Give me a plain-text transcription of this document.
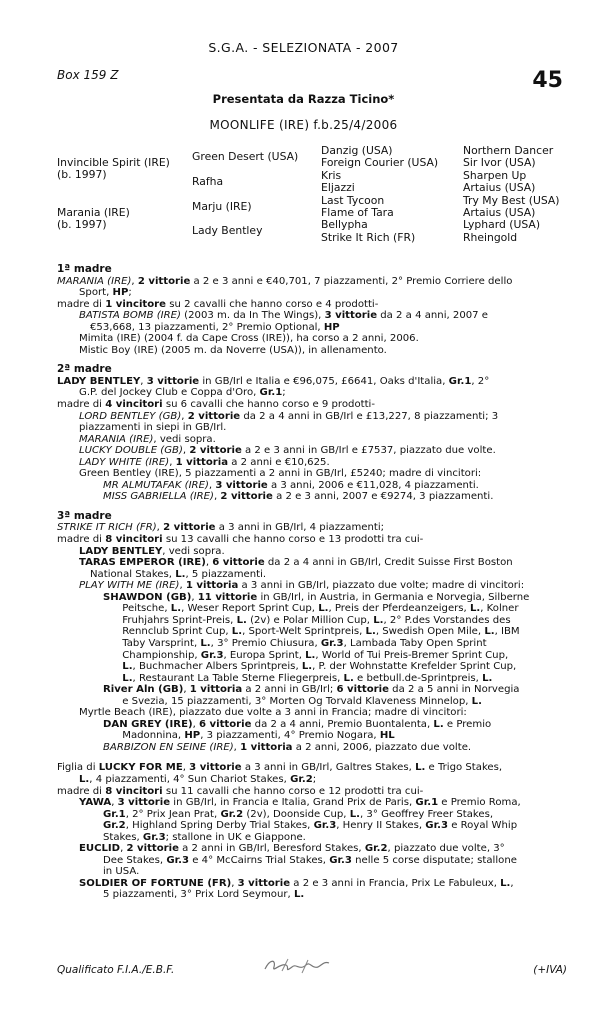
S.G.A. - SELEZIONATA - 2007
Box 159 Z	45
Presentata da Razza Ticino*
MOONLIFE (IRE) f.b.25/4/2006
Invincible Spirit (IRE)
(b. 1997)
Marania (IRE)
(b. 1997)
Green Desert (USA)
Rafha
Marju (IRE)
Lady Bentley
Danzig (USA)
Foreign Courier (USA)
Kris
Eljazzi
Last Tycoon
Flame of Tara
Bellypha
Strike It Rich (FR)
Northern Dancer
Sir Ivor (USA)
Sharpen Up
Artaius (USA)
Try My Best (USA)
Artaius (USA)
Lyphard (USA)
Rheingold
1ª madre
MARANIA (IRE), 2 vittorie a 2 e 3 anni e €40,701, 7 piazzamenti, 2° Premio Corriere dello
Sport, HP;
madre di 1 vincitore su 2 cavalli che hanno corso e 4 prodotti-
BATISTA BOMB (IRE) (2003 m. da In The Wings), 3 vittorie da 2 a 4 anni, 2007 e
€53,668, 13 piazzamenti, 2° Premio Optional, HP
Mimita (IRE) (2004 f. da Cape Cross (IRE)), ha corso a 2 anni, 2006.
Mistic Boy (IRE) (2005 m. da Noverre (USA)), in allenamento.
2ª madre
LADY BENTLEY, 3 vittorie in GB/Irl e Italia e €96,075, £6641, Oaks d'Italia, Gr.1, 2°
G.P. del Jockey Club e Coppa d'Oro, Gr.1;
madre di 4 vincitori su 6 cavalli che hanno corso e 9 prodotti-
LORD BENTLEY (GB), 2 vittorie da 2 a 4 anni in GB/Irl e £13,227, 8 piazzamenti; 3
piazzamenti in siepi in GB/Irl.
MARANIA (IRE), vedi sopra.
LUCKY DOUBLE (GB), 2 vittorie a 2 e 3 anni in GB/Irl e £7537, piazzato due volte.
LADY WHITE (IRE), 1 vittoria a 2 anni e €10,625.
Green Bentley (IRE), 5 piazzamenti a 2 anni in GB/Irl, £5240; madre di vincitori:
MR ALMUTAFAK (IRE), 3 vittorie a 3 anni, 2006 e €11,028, 4 piazzamenti.
MISS GABRIELLA (IRE), 2 vittorie a 2 e 3 anni, 2007 e €9274, 3 piazzamenti.
3ª madre
STRIKE IT RICH (FR), 2 vittorie a 3 anni in GB/Irl, 4 piazzamenti;
madre di 8 vincitori su 13 cavalli che hanno corso e 13 prodotti tra cui-
LADY BENTLEY, vedi sopra.
TARAS EMPEROR (IRE), 6 vittorie da 2 a 4 anni in GB/Irl, Credit Suisse First Boston
National Stakes, L., 5 piazzamenti.
PLAY WITH ME (IRE), 1 vittoria a 3 anni in GB/Irl, piazzato due volte; madre di vincitori:
SHAWDON (GB), 11 vittorie in GB/Irl, in Austria, in Germania e Norvegia, Silberne
Peitsche, L., Weser Report Sprint Cup, L., Preis der Pferdeanzeigers, L., Kolner
Fruhjahrs Sprint-Preis, L. (2v) e Polar Million Cup, L., 2° P.des Vorstandes des
Rennclub Sprint Cup, L., Sport-Welt Sprintpreis, L., Swedish Open Mile, L., IBM
Taby Varsprint, L., 3° Premio Chiusura, Gr.3, Lambada Taby Open Sprint
Championship, Gr.3, Europa Sprint, L., World of Tui Preis-Bremer Sprint Cup,
L., Buchmacher Albers Sprintpreis, L., P. der Wohnstatte Krefelder Sprint Cup,
L., Restaurant La Table Sterne Fliegerpreis, L. e betbull.de-Sprintpreis, L.
River Aln (GB), 1 vittoria a 2 anni in GB/Irl; 6 vittorie da 2 a 5 anni in Norvegia
e Svezia, 15 piazzamenti, 3° Morten Og Torvald Klaveness Minnelop, L.
Myrtle Beach (IRE), piazzato due volte a 3 anni in Francia; madre di vincitori:
DAN GREY (IRE), 6 vittorie da 2 a 4 anni, Premio Buontalenta, L. e Premio
Madonnina, HP, 3 piazzamenti, 4° Premio Nogara, HL
BARBIZON EN SEINE (IRE), 1 vittoria a 2 anni, 2006, piazzato due volte.
Figlia di LUCKY FOR ME, 3 vittorie a 3 anni in GB/Irl, Galtres Stakes, L. e Trigo Stakes,
L., 4 piazzamenti, 4° Sun Chariot Stakes, Gr.2;
madre di 8 vincitori su 11 cavalli che hanno corso e 12 prodotti tra cui-
YAWA, 3 vittorie in GB/Irl, in Francia e Italia, Grand Prix de Paris, Gr.1 e Premio Roma,
Gr.1, 2° Prix Jean Prat, Gr.2 (2v), Doonside Cup, L., 3° Geoffrey Freer Stakes,
Gr.2, Highland Spring Derby Trial Stakes, Gr.3, Henry II Stakes, Gr.3 e Royal Whip
Stakes, Gr.3; stallone in UK e Giappone.
EUCLID, 2 vittorie a 2 anni in GB/Irl, Beresford Stakes, Gr.2, piazzato due volte, 3°
Dee Stakes, Gr.3 e 4° McCairns Trial Stakes, Gr.3 nelle 5 corse disputate; stallone
in USA.
SOLDIER OF FORTUNE (FR), 3 vittorie a 2 e 3 anni in Francia, Prix Le Fabuleux, L.,
5 piazzamenti, 3° Prix Lord Seymour, L.
Qualificato F.I.A./E.B.F.	(+IVA)
